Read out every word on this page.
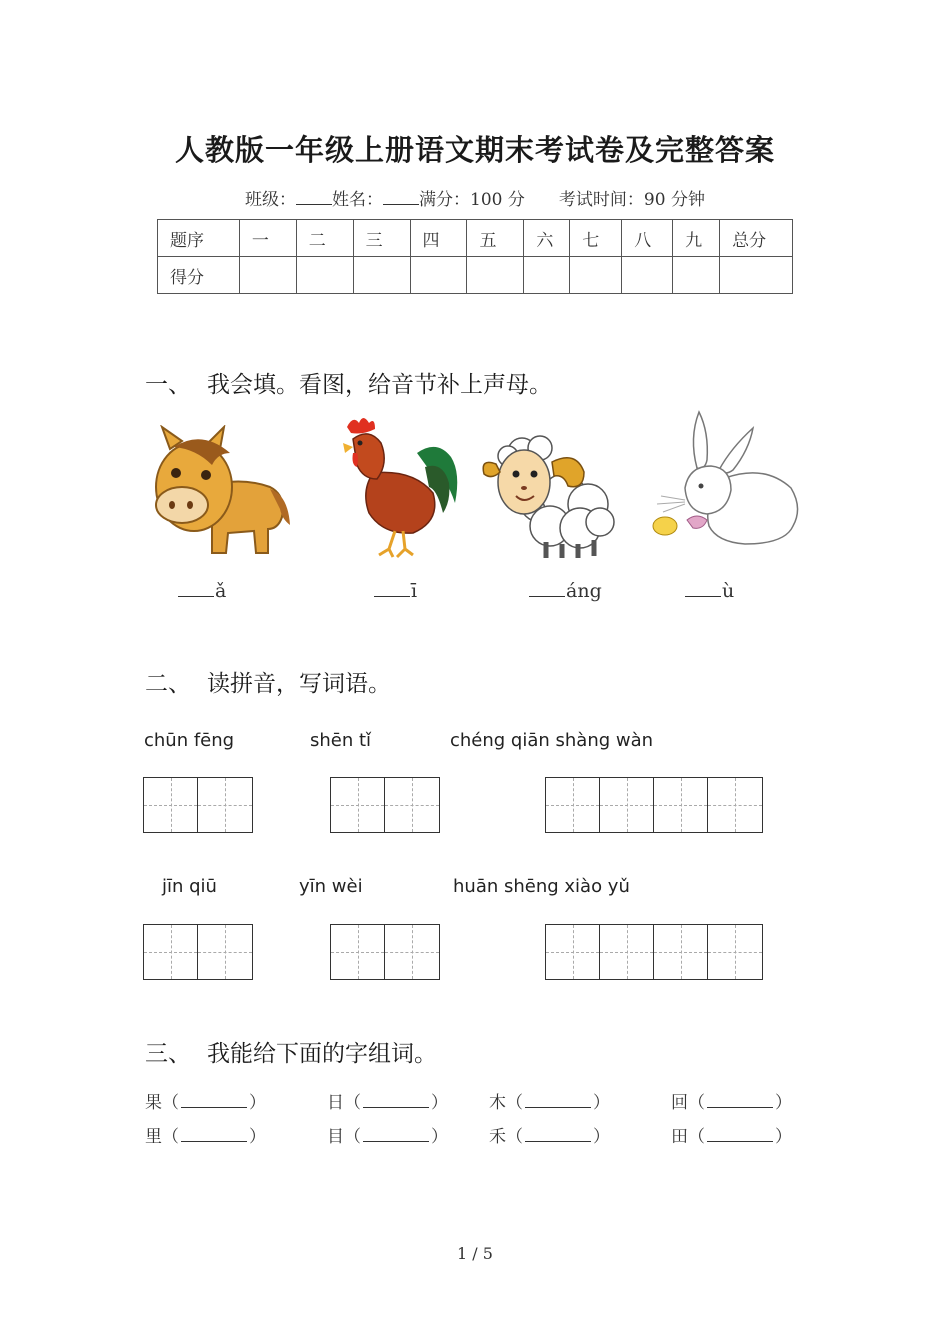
人教版一年级上册语文期末考试卷及完整答案
班级： 姓名： 满分：100 分   考试时间：90 分钟
题序	一	二	三	四	五	六	七	八	九	总分
得分										
一、 我会填。看图，给音节补上声母。
ǎ	ī	áng	ù
二、 读拼音，写词语。
chūn fēng	shēn tǐ	chéng qiān shàng wàn
jīn qiū	yīn wèi	huān shēng xiào yǔ
三、 我能给下面的字组词。
果（	）	日（	） 木（	）	回（	）
里（	）	目（	） 禾（	）	田（	）
1 / 5
